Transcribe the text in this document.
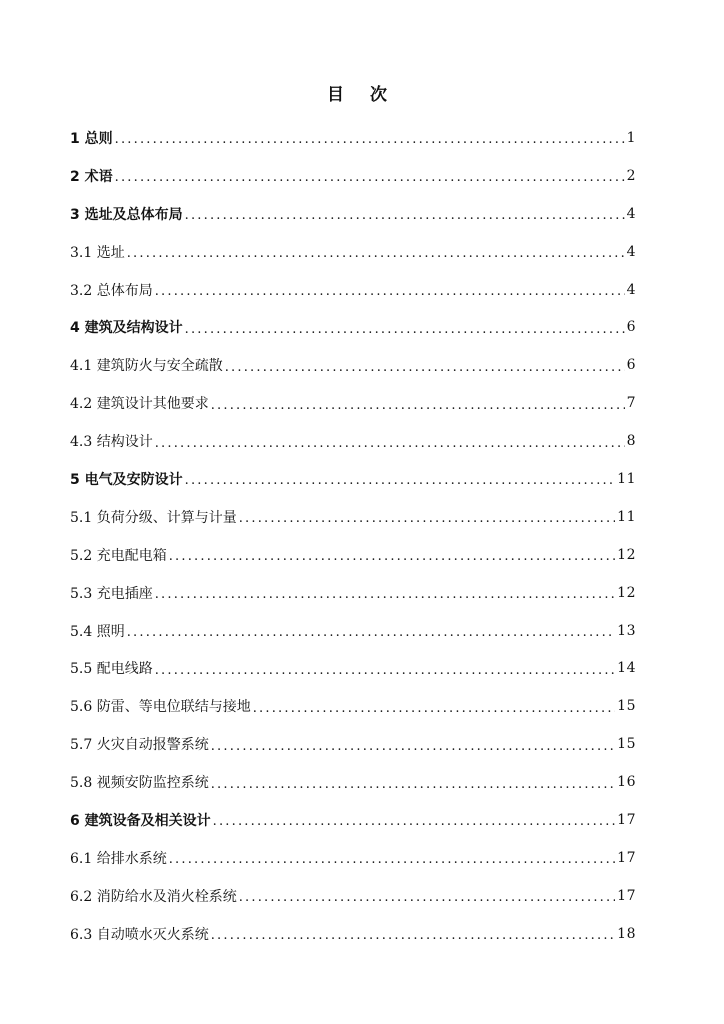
目 次
1 总则 .....	1
2 术语 .....	2
3 选址及总体布局 .....	4
3.1 选址 .....	4
3.2 总体布局 .....	4
4 建筑及结构设计 .....	6
4.1 建筑防火与安全疏散 .....	6
4.2 建筑设计其他要求 .....	7
4.3 结构设计 .....	8
5 电气及安防设计 .....	11
5.1 负荷分级、计算与计量 .....	11
5.2 充电配电箱 .....	12
5.3 充电插座 .....	12
5.4 照明 .....	13
5.5 配电线路 .....	14
5.6 防雷、等电位联结与接地 .....	15
5.7 火灾自动报警系统 .....	15
5.8 视频安防监控系统 .....	16
6 建筑设备及相关设计 .....	17
6.1 给排水系统 .....	17
6.2 消防给水及消火栓系统 .....	17
6.3 自动喷水灭火系统 .....	18
